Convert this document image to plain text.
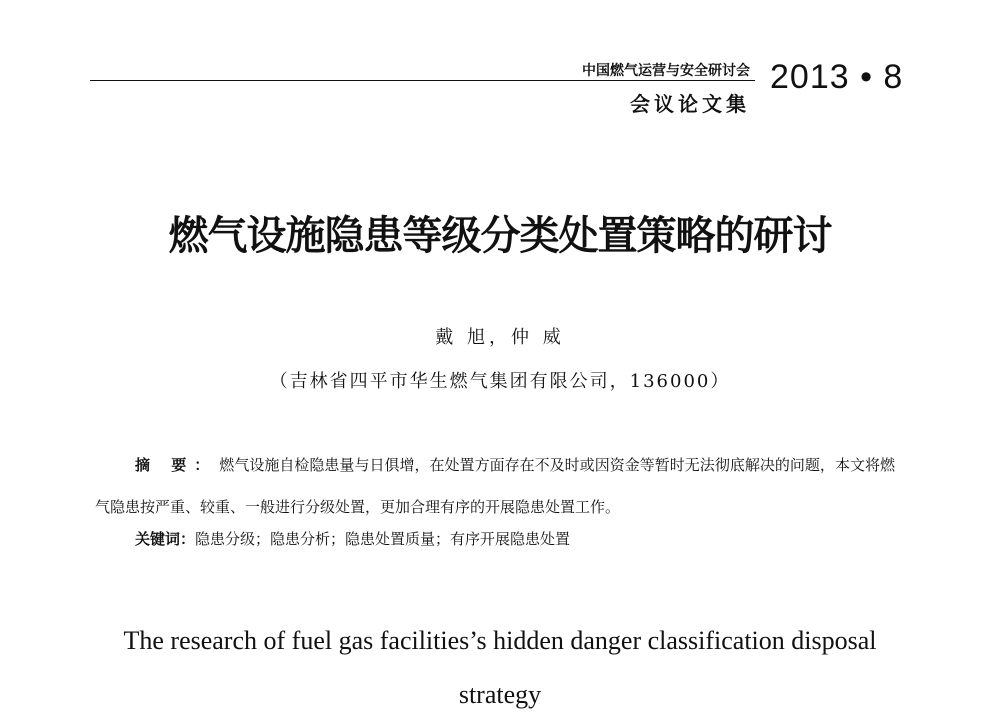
中国燃气运营与安全研讨会
会议论文集
2013 • 8
燃气设施隐患等级分类处置策略的研讨
戴 旭，仲 威
（吉林省四平市华生燃气集团有限公司，136000）
摘 要： 燃气设施自检隐患量与日俱增，在处置方面存在不及时或因资金等暂时无法彻底解决的问题，本文将燃气隐患按严重、较重、一般进行分级处置，更加合理有序的开展隐患处置工作。
关键词：隐患分级；隐患分析；隐患处置质量；有序开展隐患处置
The research of fuel gas facilities’s hidden danger classification disposal
strategy
